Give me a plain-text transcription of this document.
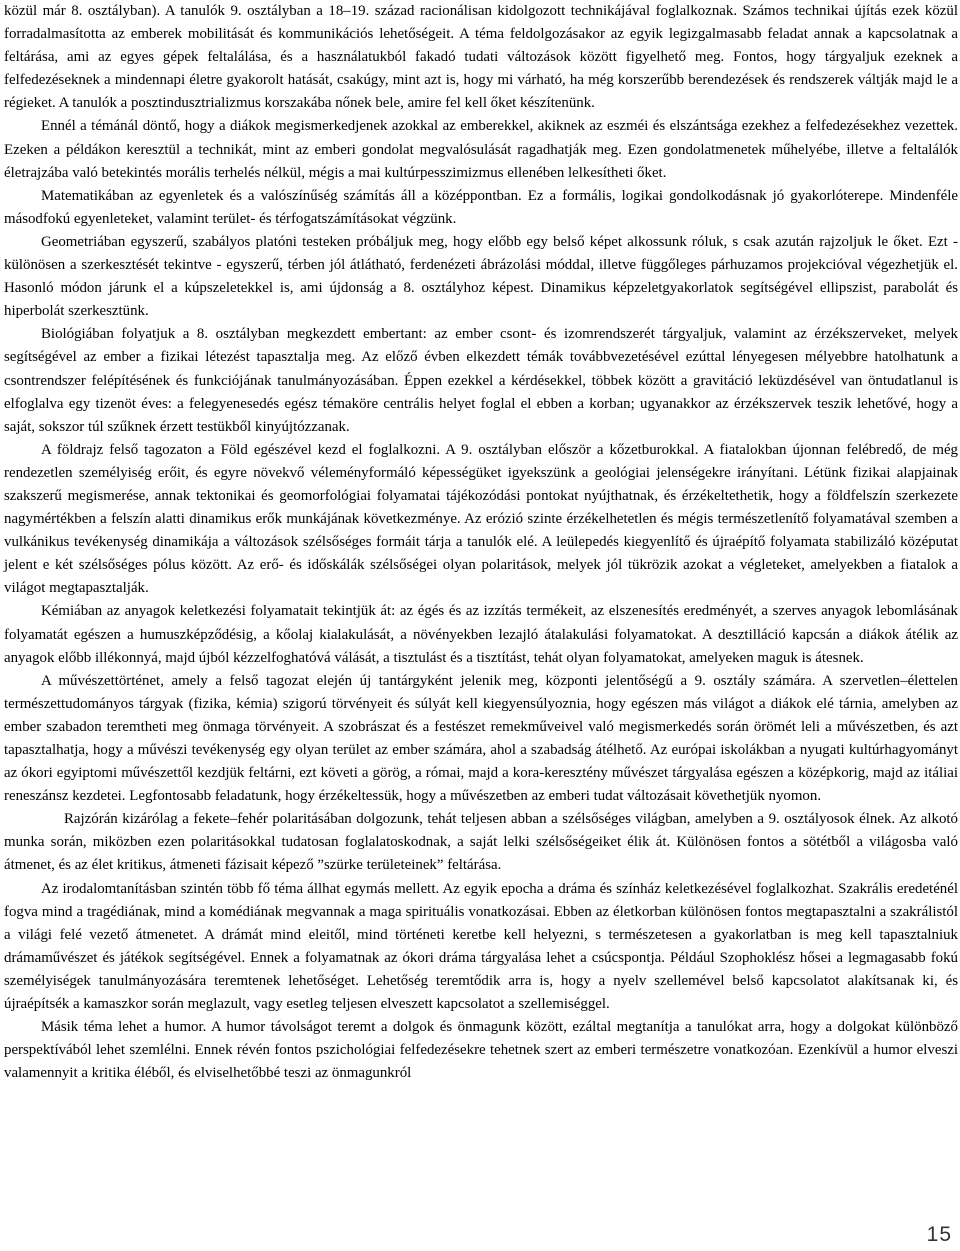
közül már 8. osztályban). A tanulók 9. osztályban a 18–19. század racionálisan kidolgozott technikájával foglalkoznak. Számos technikai újítás ezek közül forradalmasította az emberek mobilitását és kommunikációs lehetőségeit. A téma feldolgozásakor az egyik legizgalmasabb feladat annak a kapcsolatnak a feltárása, ami az egyes gépek feltalálása, és a használatukból fakadó tudati változások között figyelhető meg. Fontos, hogy tárgyaljuk ezeknek a felfedezéseknek a mindennapi életre gyakorolt hatását, csakúgy, mint azt is, hogy mi várható, ha még korszerűbb berendezések és rendszerek váltják majd le a régieket. A tanulók a posztindusztrializmus korszakába nőnek bele, amire fel kell őket készítenünk.

Ennél a témánál döntő, hogy a diákok megismerkedjenek azokkal az emberekkel, akiknek az eszméi és elszántsága ezekhez a felfedezésekhez vezettek. Ezeken a példákon keresztül a technikát, mint az emberi gondolat megvalósulását ragadhatják meg. Ezen gondolatmenetek műhelyébe, illetve a feltalálók életrajzába való betekintés morális terhelés nélkül, mégis a mai kultúrpesszimizmus ellenében lelkesítheti őket.

Matematikában az egyenletek és a valószínűség számítás áll a középpontban. Ez a formális, logikai gondolkodásnak jó gyakorlóterepe. Mindenféle másodfokú egyenleteket, valamint terület- és térfogatszámításokat végzünk.

Geometriában egyszerű, szabályos platóni testeken próbáljuk meg, hogy előbb egy belső képet alkossunk róluk, s csak azután rajzoljuk le őket. Ezt - különösen a szerkesztését tekintve - egyszerű, térben jól átlátható, ferdenézeti ábrázolási móddal, illetve függőleges párhuzamos projekcióval végezhetjük el. Hasonló módon járunk el a kúpszeletekkel is, ami újdonság a 8. osztályhoz képest. Dinamikus képzeletgyakorlatok segítségével ellipszist, parabolát és hiperbolát szerkesztünk.

Biológiában folyatjuk a 8. osztályban megkezdett embertant: az ember csont- és izomrendszerét tárgyaljuk, valamint az érzékszerveket, melyek segítségével az ember a fizikai létezést tapasztalja meg. Az előző évben elkezdett témák továbbvezetésével ezúttal lényegesen mélyebbre hatolhatunk a csontrendszer felépítésének és funkciójának tanulmányozásában. Éppen ezekkel a kérdésekkel, többek között a gravitáció leküzdésével van öntudatlanul is elfoglalva egy tizenöt éves: a felegyenesedés egész témaköre centrális helyet foglal el ebben a korban; ugyanakkor az érzékszervek teszik lehetővé, hogy a saját, sokszor túl szűknek érzett testükből kinyújtózzanak.

A földrajz felső tagozaton a Föld egészével kezd el foglalkozni. A 9. osztályban először a kőzetburokkal. A fiatalokban újonnan felébredő, de még rendezetlen személyiség erőit, és egyre növekvő véleményformáló képességüket igyekszünk a geológiai jelenségekre irányítani. Létünk fizikai alapjainak szakszerű megismerése, annak tektonikai és geomorfológiai folyamatai tájékozódási pontokat nyújthatnak, és érzékeltethetik, hogy a földfelszín szerkezete nagymértékben a felszín alatti dinamikus erők munkájának következménye. Az erózió szinte érzékelhetetlen és mégis természetlenítő folyamatával szemben a vulkánikus tevékenység dinamikája a változások szélsőséges formáit tárja a tanulók elé. A leülepedés kiegyenlítő és újraépítő folyamata stabilizáló középutat jelent e két szélsőséges pólus között. Az erő- és időskálák szélsőségei olyan polaritások, melyek jól tükrözik azokat a végleteket, amelyekben a fiatalok a világot megtapasztalják.

Kémiában az anyagok keletkezési folyamatait tekintjük át: az égés és az izzítás termékeit, az elszenesítés eredményét, a szerves anyagok lebomlásának folyamatát egészen a humuszképződésig, a kőolaj kialakulását, a növényekben lezajló átalakulási folyamatokat. A desztilláció kapcsán a diákok átélik az anyagok előbb illékonnyá, majd újból kézzelfoghatóvá válását, a tisztulást és a tisztítást, tehát olyan folyamatokat, amelyeken maguk is átesnek.

A művészettörténet, amely a felső tagozat elején új tantárgyként jelenik meg, központi jelentőségű a 9. osztály számára. A szervetlen–élettelen természettudományos tárgyak (fizika, kémia) szigorú törvényeit és súlyát kell kiegyensúlyoznia, hogy egészen más világot a diákok elé tárnia, amelyben az ember szabadon teremtheti meg önmaga törvényeit. A szobrászat és a festészet remekműveivel való megismerkedés során örömét leli a művészetben, és azt tapasztalhatja, hogy a művészi tevékenység egy olyan terület az ember számára, ahol a szabadság átélhető. Az európai iskolákban a nyugati kultúrhagyományt az ókori egyiptomi művészettől kezdjük feltárni, ezt követi a görög, a római, majd a kora-keresztény művészet tárgyalása egészen a középkorig, majd az itáliai reneszánsz kezdetei. Legfontosabb feladatunk, hogy érzékeltessük, hogy a művészetben az emberi tudat változásait követhetjük nyomon.

Rajzórán kizárólag a fekete–fehér polaritásában dolgozunk, tehát teljesen abban a szélsőséges világban, amelyben a 9. osztályosok élnek. Az alkotó munka során, miközben ezen polaritásokkal tudatosan foglalatoskodnak, a saját lelki szélsőségeiket élik át. Különösen fontos a sötétből a világosba való átmenet, és az élet kritikus, átmeneti fázisait képező ”szürke területeinek” feltárása.

Az irodalomtanításban szintén több fő téma állhat egymás mellett. Az egyik epocha a dráma és színház keletkezésével foglalkozhat. Szakrális eredeténél fogva mind a tragédiának, mind a komédiának megvannak a maga spirituális vonatkozásai. Ebben az életkorban különösen fontos megtapasztalni a szakrálistól a világi felé vezető átmenetet. A drámát mind eleitől, mind történeti keretbe kell helyezni, s természetesen a gyakorlatban is meg kell tapasztalniuk drámaművészet és játékok segítségével. Ennek a folyamatnak az ókori dráma tárgyalása lehet a csúcspontja. Például Szophoklész hősei a legmagasabb fokú személyiségek tanulmányozására teremtenek lehetőséget. Lehetőség teremtődik arra is, hogy a nyelv szellemével belső kapcsolatot alakítsanak ki, és újraépítsék a kamaszkor során meglazult, vagy esetleg teljesen elveszett kapcsolatot a szellemiséggel.

Másik téma lehet a humor. A humor távolságot teremt a dolgok és önmagunk között, ezáltal megtanítja a tanulókat arra, hogy a dolgokat különböző perspektívából lehet szemlélni. Ennek révén fontos pszichológiai felfedezésekre tehetnek szert az emberi természetre vonatkozóan. Ezenkívül a humor elveszi valamennyit a kritika éléből, és elviselhetőbbé teszi az önmagunkról

15
